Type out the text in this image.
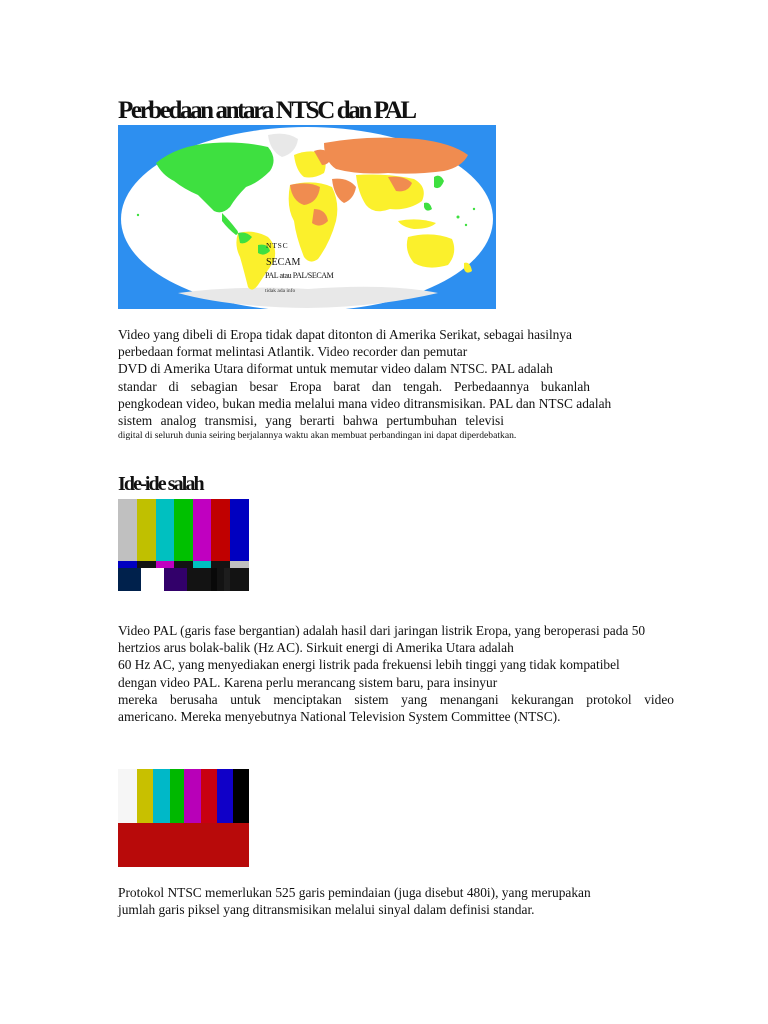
Perbedaan antara NTSC dan PAL
NTSC
SECAM
PAL atau PAL/SECAM
tidak ada info
Video yang dibeli di Eropa tidak dapat ditonton di Amerika Serikat, sebagai hasilnya
perbedaan format melintasi Atlantik. Video recorder dan pemutar
DVD di Amerika Utara diformat untuk memutar video dalam NTSC. PAL adalah
standar di sebagian besar Eropa barat dan tengah. Perbedaannya bukanlah
pengkodean video, bukan media melalui mana video ditransmisikan. PAL dan NTSC adalah
sistem analog transmisi, yang berarti bahwa pertumbuhan televisi
digital di seluruh dunia seiring berjalannya waktu akan membuat perbandingan ini dapat diperdebatkan.
Ide-ide salah
Video PAL (garis fase bergantian) adalah hasil dari jaringan listrik Eropa, yang beroperasi pada 50
hertzios arus bolak-balik (Hz AC). Sirkuit energi di Amerika Utara adalah
60 Hz AC, yang menyediakan energi listrik pada frekuensi lebih tinggi yang tidak kompatibel
dengan video PAL. Karena perlu merancang sistem baru, para insinyur
mereka berusaha untuk menciptakan sistem yang menangani kekurangan protokol video
americano. Mereka menyebutnya National Television System Committee (NTSC).
Protokol NTSC memerlukan 525 garis pemindaian (juga disebut 480i), yang merupakan
jumlah garis piksel yang ditransmisikan melalui sinyal dalam definisi standar.
